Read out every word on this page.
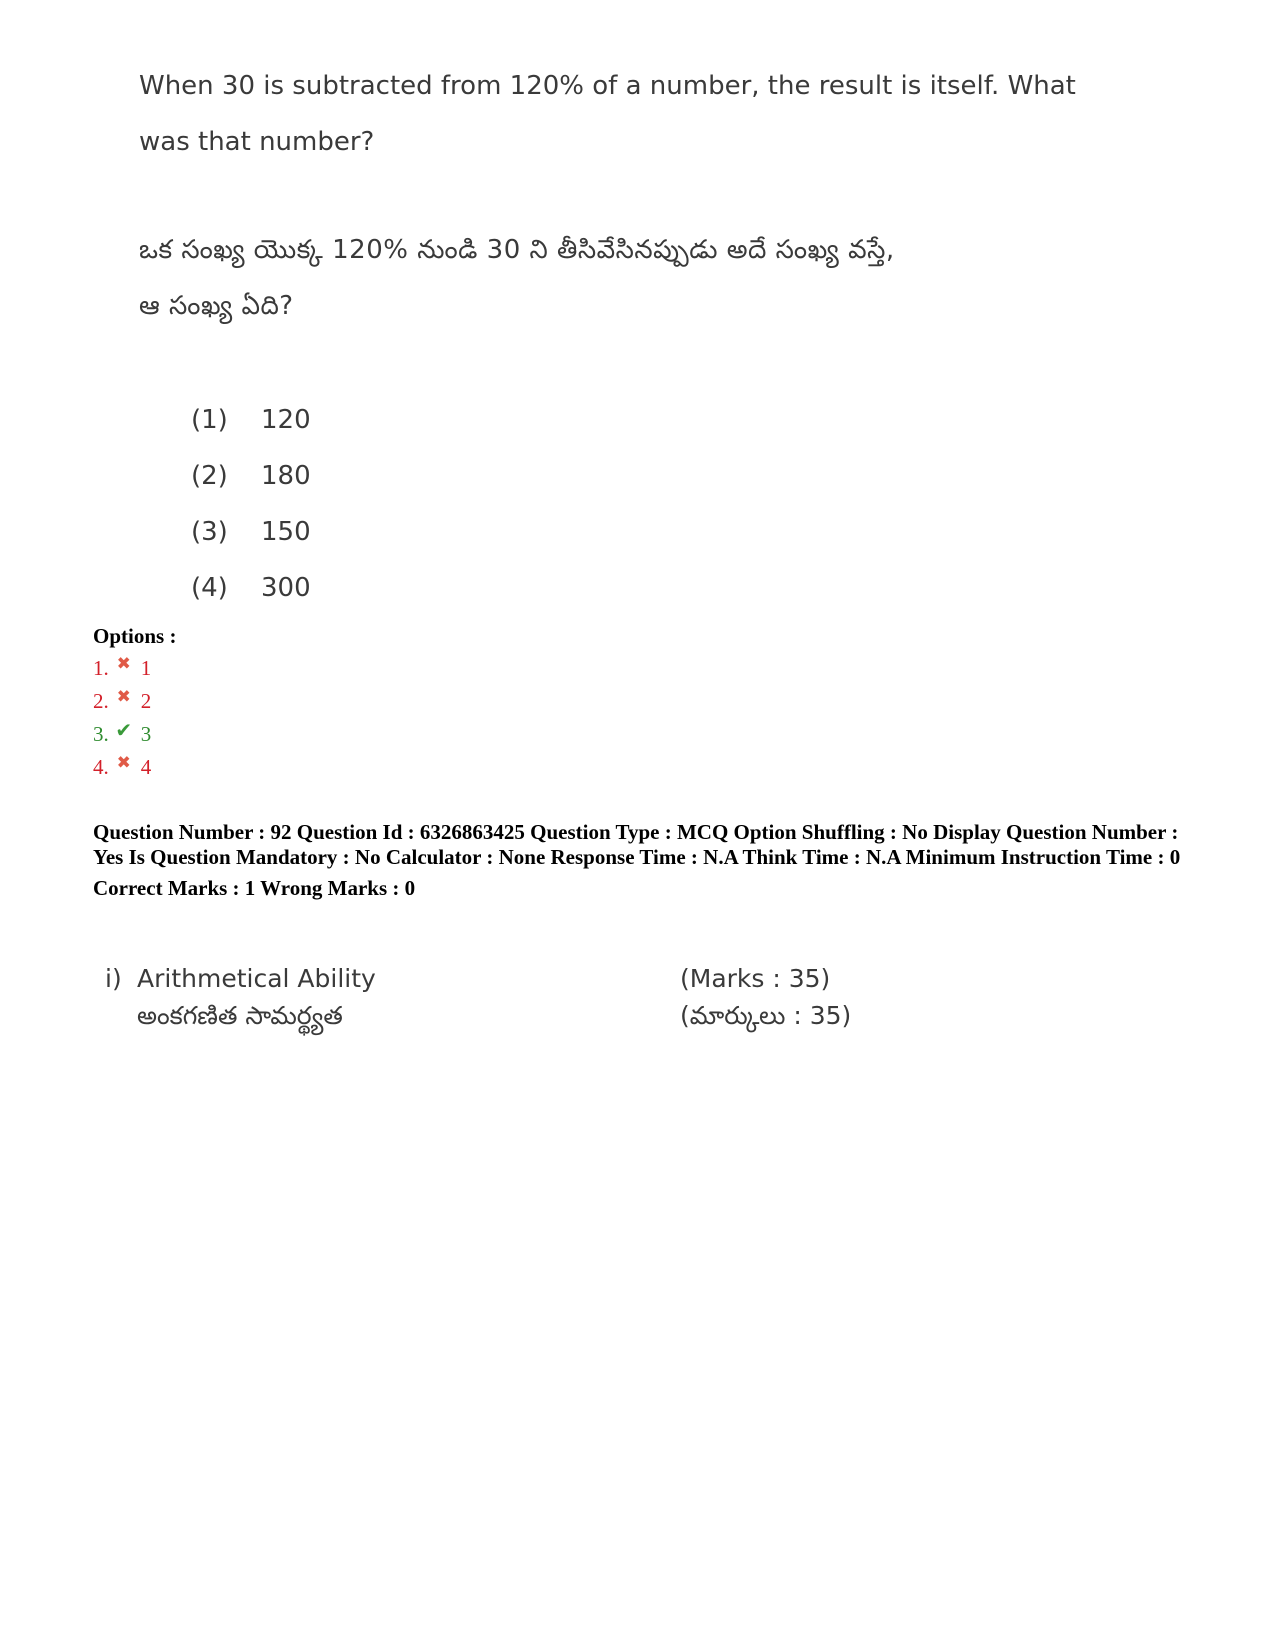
When 30 is subtracted from 120% of a number, the result is itself. What

was that number?

ఒక సంఖ్య యొక్క 120% నుండి 30 ని తీసివేసినప్పుడు అదే సంఖ్య వస్తే,

ఆ సంఖ్య ఏది?

(1)	120
(2)	180
(3)	150
(4)	300
Options :
1. ✖ 1
2. ✖ 2
3. ✔ 3
4. ✖ 4
Question Number : 92 Question Id : 6326863425 Question Type : MCQ Option Shuffling : No Display Question Number : Yes Is Question Mandatory : No Calculator : None Response Time : N.A Think Time : N.A Minimum Instruction Time : 0
Correct Marks : 1 Wrong Marks : 0
i) Arithmetical Ability
అంకగణిత సామర్థ్యత
(Marks : 35)
(మార్కులు : 35)
